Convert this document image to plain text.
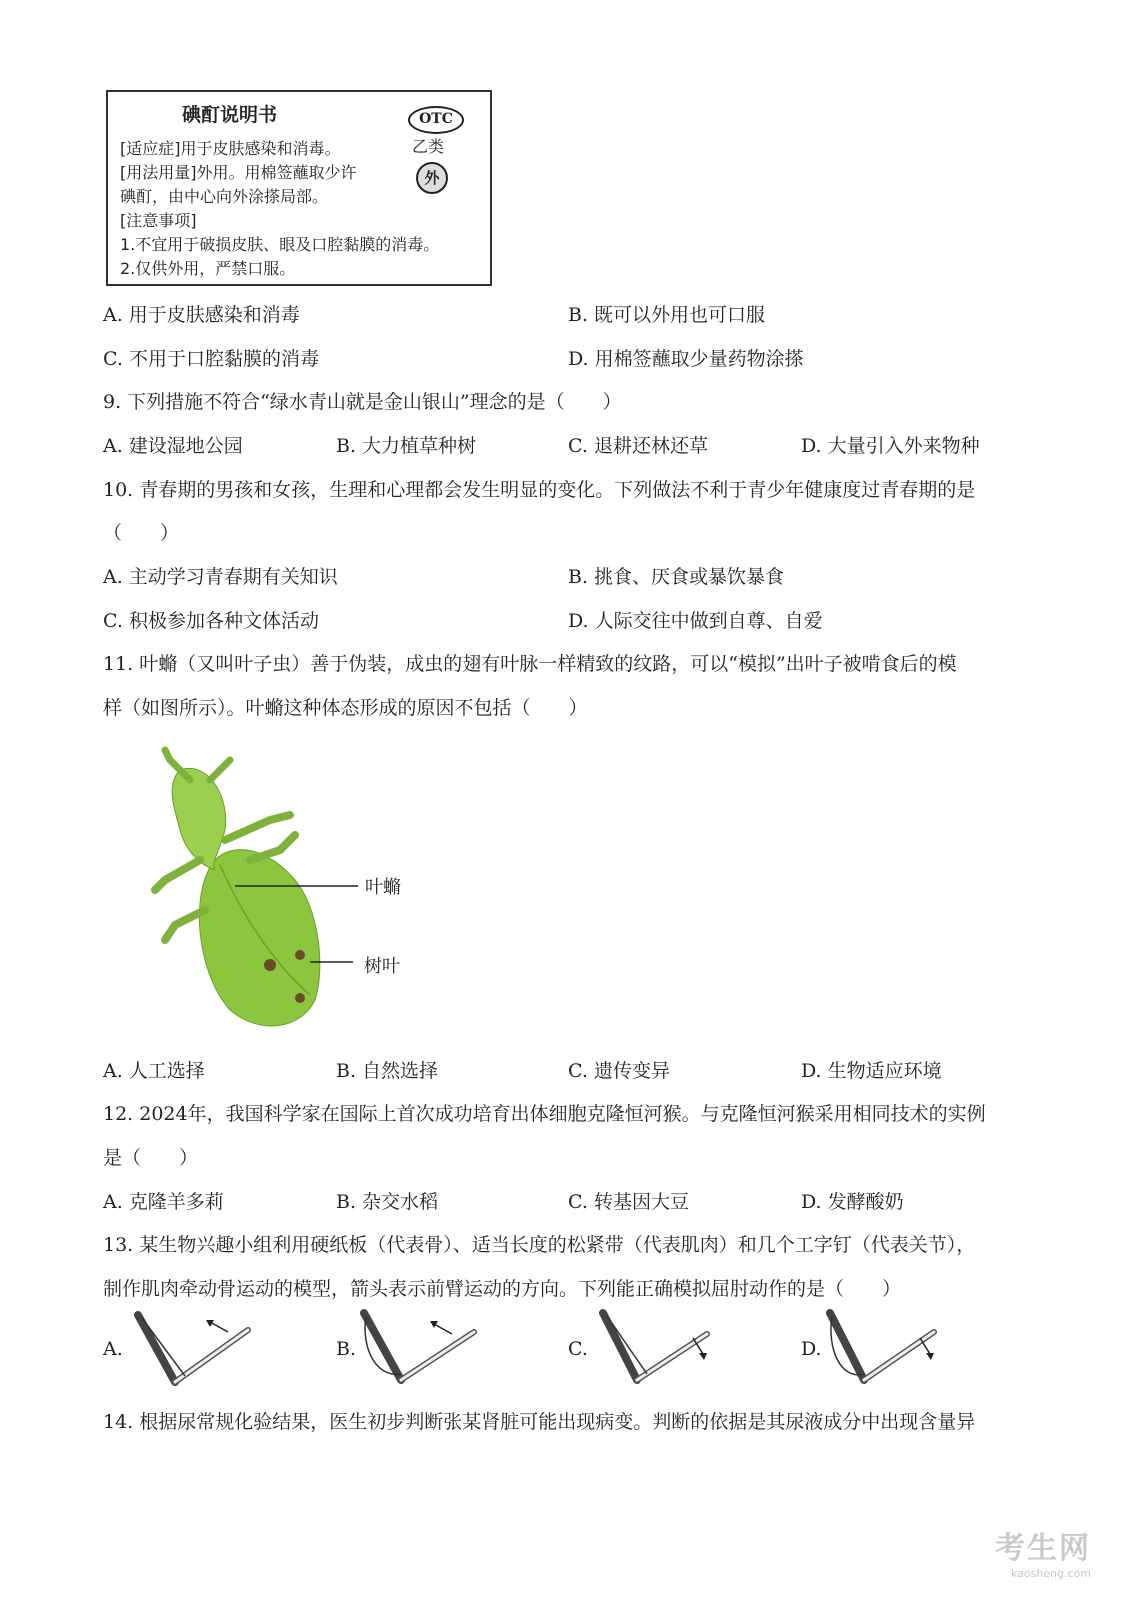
碘酊说明书	OTC
乙类
外
[适应症]用于皮肤感染和消毒。
[用法用量]外用。用棉签蘸取少许
碘酊，由中心向外涂搽局部。
[注意事项]
1.不宜用于破损皮肤、眼及口腔黏膜的消毒。
2.仅供外用，严禁口服。
A. 用于皮肤感染和消毒	B. 既可以外用也可口服
C. 不用于口腔黏膜的消毒	D. 用棉签蘸取少量药物涂搽
9. 下列措施不符合“绿水青山就是金山银山”理念的是（　　）
A. 建设湿地公园	B. 大力植草种树	C. 退耕还林还草	D. 大量引入外来物种
10. 青春期的男孩和女孩，生理和心理都会发生明显的变化。下列做法不利于青少年健康度过青春期的是
（　　）
A. 主动学习青春期有关知识	B. 挑食、厌食或暴饮暴食
C. 积极参加各种文体活动	D. 人际交往中做到自尊、自爱
11. 叶䗛（又叫叶子虫）善于伪装，成虫的翅有叶脉一样精致的纹路，可以“模拟”出叶子被啃食后的模
样（如图所示）。叶䗛这种体态形成的原因不包括（　　）
叶䗛
树叶
A. 人工选择	B. 自然选择	C. 遗传变异	D. 生物适应环境
12. 2024年，我国科学家在国际上首次成功培育出体细胞克隆恒河猴。与克隆恒河猴采用相同技术的实例
是（　　）
A. 克隆羊多莉	B. 杂交水稻	C. 转基因大豆	D. 发酵酸奶
13. 某生物兴趣小组利用硬纸板（代表骨）、适当长度的松紧带（代表肌肉）和几个工字钉（代表关节），
制作肌肉牵动骨运动的模型，箭头表示前臂运动的方向。下列能正确模拟屈肘动作的是（　　）
A.	B.	C.	D.
14. 根据尿常规化验结果，医生初步判断张某肾脏可能出现病变。判断的依据是其尿液成分中出现含量异
考生网
kaosheng.com
